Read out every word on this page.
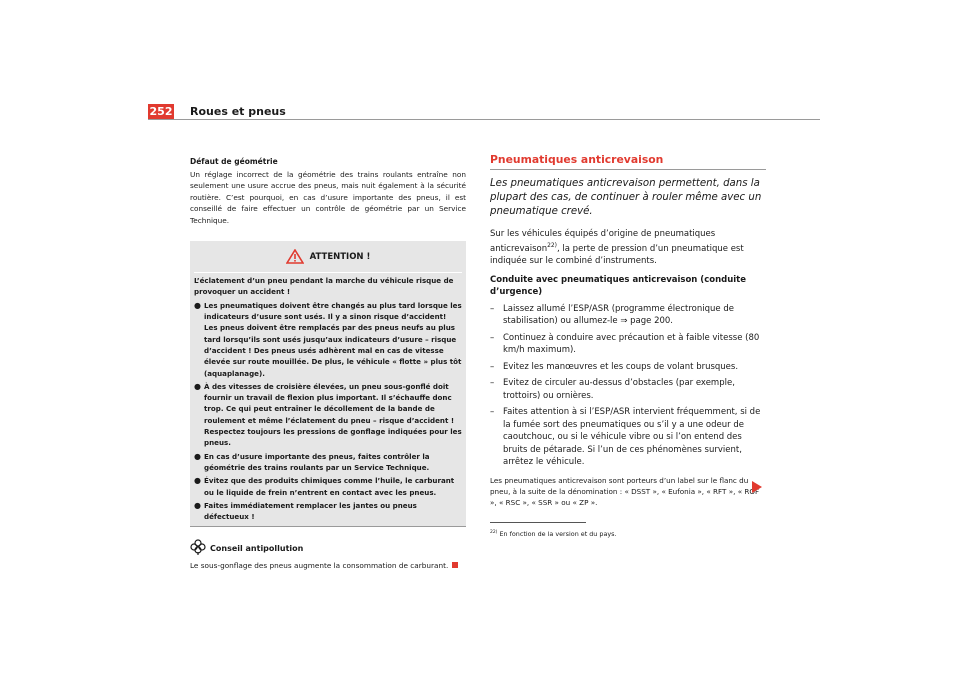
252 Roues et pneus
Défaut de géométrie
Un réglage incorrect de la géométrie des trains roulants entraîne non seulement une usure accrue des pneus, mais nuit également à la sécurité routière. C’est pourquoi, en cas d’usure importante des pneus, il est conseillé de faire effectuer un contrôle de géométrie par un Service Technique.
ATTENTION !
L’éclatement d’un pneu pendant la marche du véhicule risque de provoquer un accident !
● Les pneumatiques doivent être changés au plus tard lorsque les indicateurs d’usure sont usés. Il y a sinon risque d’accident! Les pneus doivent être remplacés par des pneus neufs au plus tard lorsqu’ils sont usés jusqu’aux indicateurs d’usure – risque d’accident ! Des pneus usés adhèrent mal en cas de vitesse élevée sur route mouillée. De plus, le véhicule « flotte » plus tôt (aquaplanage).
● À des vitesses de croisière élevées, un pneu sous-gonflé doit fournir un travail de flexion plus important. Il s’échauffe donc trop. Ce qui peut entraîner le décollement de la bande de roulement et même l’éclatement du pneu – risque d’accident ! Respectez toujours les pressions de gonflage indiquées pour les pneus.
● En cas d’usure importante des pneus, faites contrôler la géométrie des trains roulants par un Service Technique.
● Évitez que des produits chimiques comme l’huile, le carburant ou le liquide de frein n’entrent en contact avec les pneus.
● Faites immédiatement remplacer les jantes ou pneus défectueux !
Conseil antipollution
Le sous-gonflage des pneus augmente la consommation de carburant.
Pneumatiques anticrevaison
Les pneumatiques anticrevaison permettent, dans la plupart des cas, de continuer à rouler même avec un pneumatique crevé.
Sur les véhicules équipés d’origine de pneumatiques anticrevaison$^{22)}$, la perte de pression d’un pneumatique est indiquée sur le combiné d’instruments.
Conduite avec pneumatiques anticrevaison (conduite d’urgence)
–	Laissez allumé l’ESP/ASR (programme électronique de stabilisation) ou allumez-le ⇒ page 200.
–	Continuez à conduire avec précaution et à faible vitesse (80 km/h maximum).
–	Evitez les manœuvres et les coups de volant brusques.
–	Evitez de circuler au-dessus d’obstacles (par exemple, trottoirs) ou ornières.
–	Faites attention à si l’ESP/ASR intervient fréquemment, si de la fumée sort des pneumatiques ou s’il y a une odeur de caoutchouc, ou si le véhicule vibre ou si l’on entend des bruits de pétarade. Si l’un de ces phénomènes survient, arrêtez le véhicule.
Les pneumatiques anticrevaison sont porteurs d’un label sur le flanc du pneu, à la suite de la dénomination : « DSST », « Eufonia », « RFT », « ROF », « RSC », « SSR » ou « ZP ».
$^{22)}$ En fonction de la version et du pays.
